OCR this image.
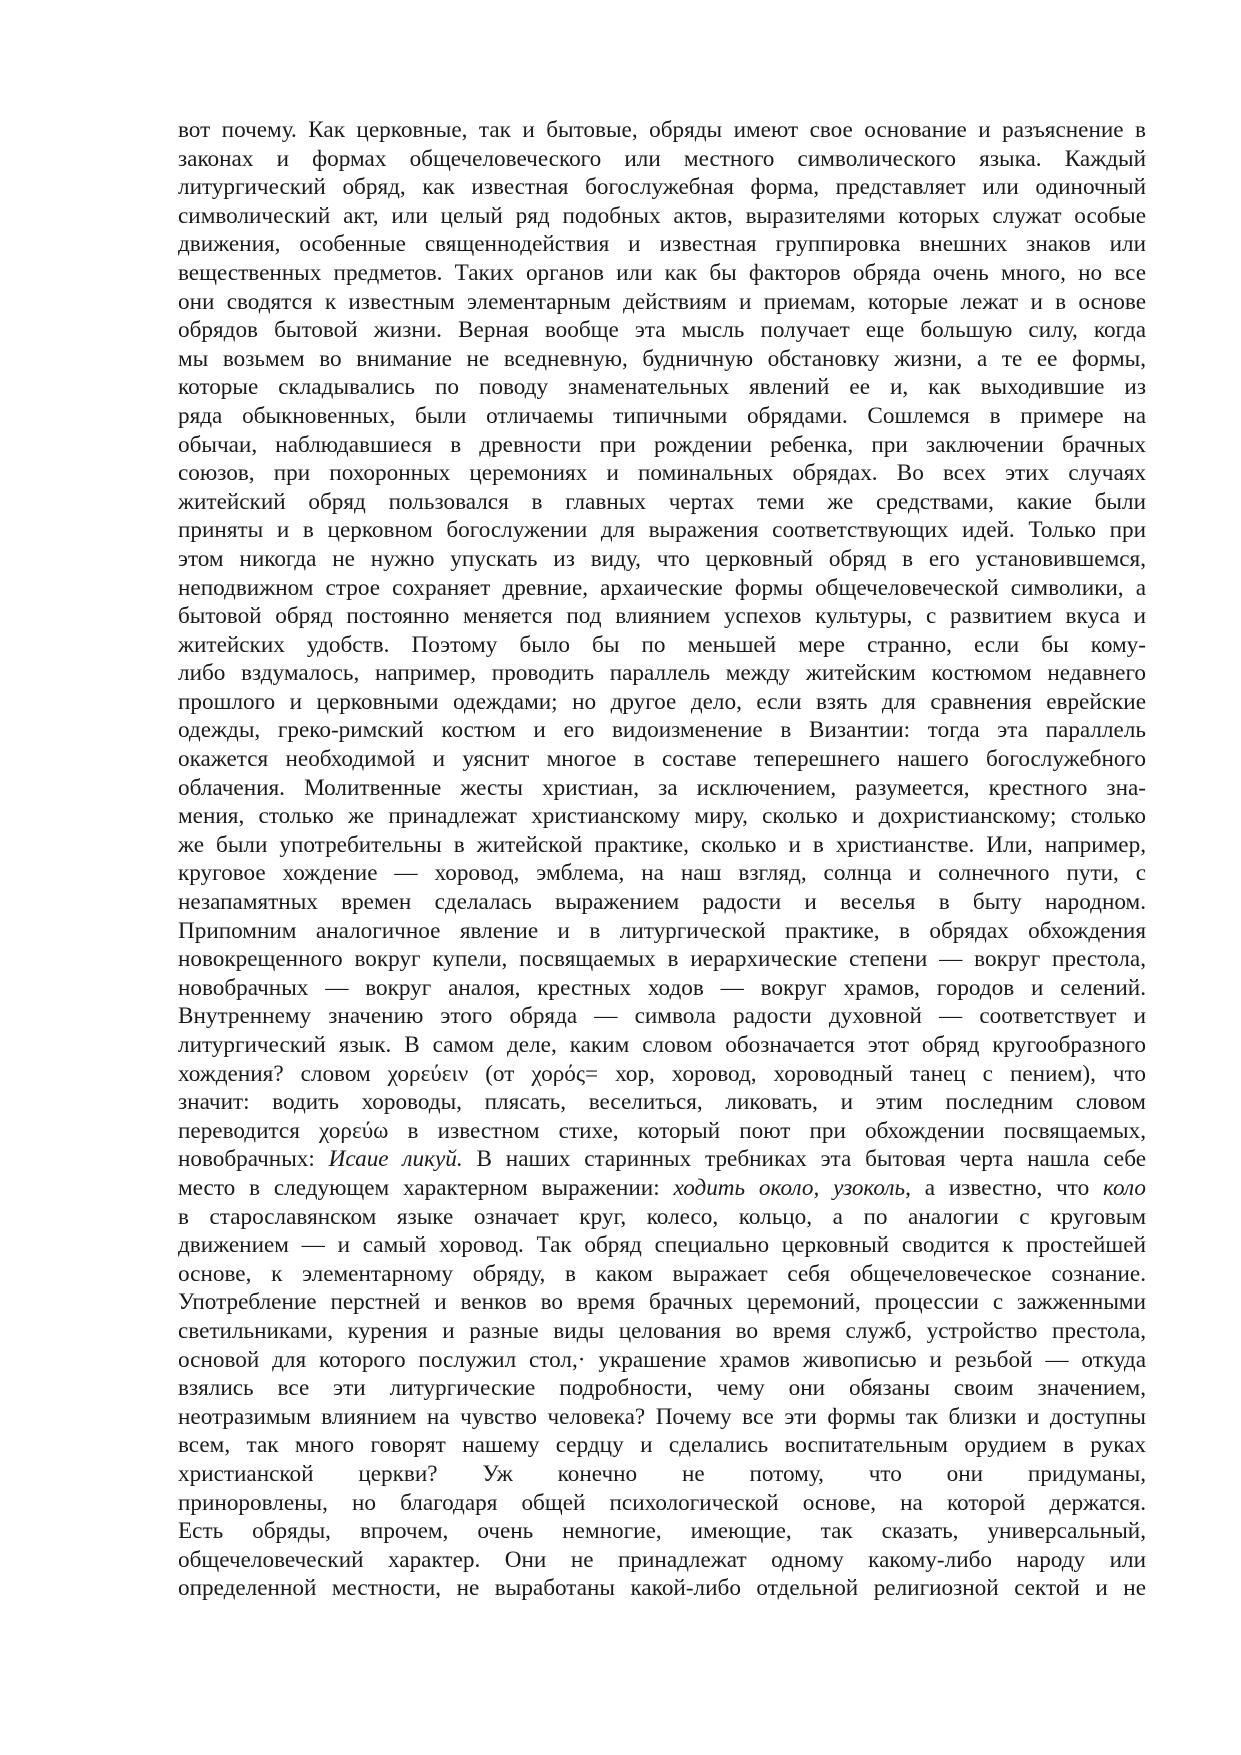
вот почему. Как церковные, так и бытовые, обряды имеют свое основание и разъяснение в
законах и формах общечеловеческого или местного символического языка. Каждый
литургический обряд, как известная богослужебная форма, представляет или одиночный
символический акт, или целый ряд подобных актов, выразителями которых служат особые
движения, особенные священнодействия и известная группировка внешних знаков или
вещественных предметов. Таких органов или как бы факторов обряда очень много, но все
они сводятся к известным элементарным действиям и приемам, которые лежат и в основе
обрядов бытовой жизни. Верная вообще эта мысль получает еще большую силу, когда
мы возьмем во внимание не вседневную, будничную обстановку жизни, а те ее формы,
которые складывались по поводу знаменательных явлений ее и, как выходившие из
ряда обыкновенных, были отличаемы типичными обрядами. Сошлемся в примере на
обычаи, наблюдавшиеся в древности при рождении ребенка, при заключении брачных
союзов, при похоронных церемониях и поминальных обрядах. Во всех этих случаях
житейский обряд пользовался в главных чертах теми же средствами, какие были
приняты и в церковном богослужении для выражения соответствующих идей. Только при
этом никогда не нужно упускать из виду, что церковный обряд в его установившемся,
неподвижном строе сохраняет древние, архаические формы общечеловеческой символики, а
бытовой обряд постоянно меняется под влиянием успехов культуры, с развитием вкуса и
житейских удобств. Поэтому было бы по меньшей мере странно, если бы кому-
либо вздумалось, например, проводить параллель между житейским костюмом недавнего
прошлого и церковными одеждами; но другое дело, если взять для сравнения еврейские
одежды, греко-римский костюм и его видоизменение в Византии: тогда эта параллель
окажется необходимой и уяснит многое в составе теперешнего нашего богослужебного
облачения. Молитвенные жесты христиан, за исключением, разумеется, крестного зна-
мения, столько же принадлежат христианскому миру, сколько и дохристианскому; столько
же были употребительны в житейской практике, сколько и в христианстве. Или, например,
круговое хождение — хоровод, эмблема, на наш взгляд, солнца и солнечного пути, с
незапамятных времен сделалась выражением радости и веселья в быту народном.
Припомним аналогичное явление и в литургической практике, в обрядах обхождения
новокрещенного вокруг купели, посвящаемых в иерархические степени — вокруг престола,
новобрачных — вокруг аналоя, крестных ходов — вокруг храмов, городов и селений.
Внутреннему значению этого обряда — символа радости духовной — соответствует и
литургический язык. В самом деле, каким словом обозначается этот обряд кругообразного
хождения? словом χορεύειν (от χορός= хор, хоровод, хороводный танец с пением), что
значит: водить хороводы, плясать, веселиться, ликовать, и этим последним словом
переводится χορεύω в известном стихе, который поют при обхождении посвящаемых,
новобрачных: Исаие ликуй. В наших старинных требниках эта бытовая черта нашла себе
место в следующем характерном выражении: ходить около, узоколь, а известно, что коло
в старославянском языке означает круг, колесо, кольцо, а по аналогии с круговым
движением — и самый хоровод. Так обряд специально церковный сводится к простейшей
основе, к элементарному обряду, в каком выражает себя общечеловеческое сознание.
Употребление перстней и венков во время брачных церемоний, процессии с зажженными
светильниками, курения и разные виды целования во время служб, устройство престола,
основой для которого послужил стол,· украшение храмов живописью и резьбой — откуда
взялись все эти литургические подробности, чему они обязаны своим значением,
неотразимым влиянием на чувство человека? Почему все эти формы так близки и доступны
всем, так много говорят нашему сердцу и сделались воспитательным орудием в руках
христианской церкви? Уж конечно не потому, что они придуманы,
приноровлены, но благодаря общей психологической основе, на которой держатся.
Есть обряды, впрочем, очень немногие, имеющие, так сказать, универсальный,
общечеловеческий характер. Они не принадлежат одному какому-либо народу или
определенной местности, не выработаны какой-либо отдельной религиозной сектой и не
